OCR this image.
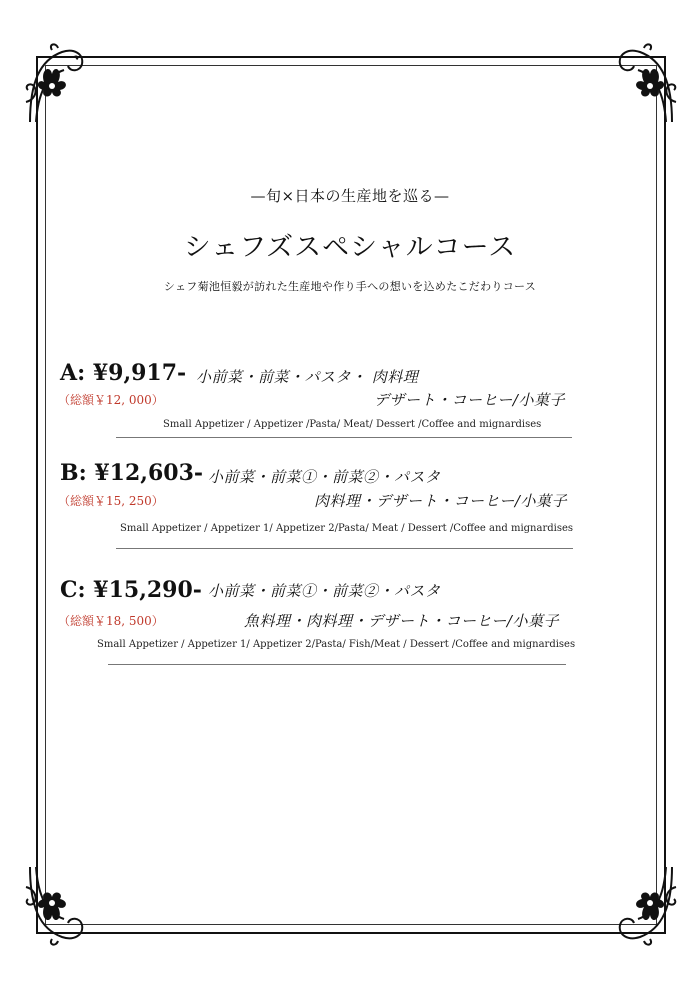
—旬×日本の生産地を巡る—
シェフズスペシャルコース
シェフ菊池恒毅が訪れた生産地や作り手への想いを込めたこだわりコース
A: ¥9,917- 小前菜・前菜・パスタ・ 肉料理
（総額￥12, 000）	デザート・コーヒー/小菓子
Small Appetizer / Appetizer /Pasta/ Meat/ Dessert /Coffee and mignardises
B: ¥12,603- 小前菜・前菜①・前菜②・パスタ
（総額￥15, 250）	肉料理・デザート・コーヒー/小菓子
Small Appetizer / Appetizer 1/ Appetizer 2/Pasta/ Meat / Dessert /Coffee and mignardises
C: ¥15,290- 小前菜・前菜①・前菜②・パスタ
（総額￥18, 500）	魚料理・肉料理・デザート・コーヒー/小菓子
Small Appetizer / Appetizer 1/ Appetizer 2/Pasta/ Fish/Meat / Dessert /Coffee and mignardises
